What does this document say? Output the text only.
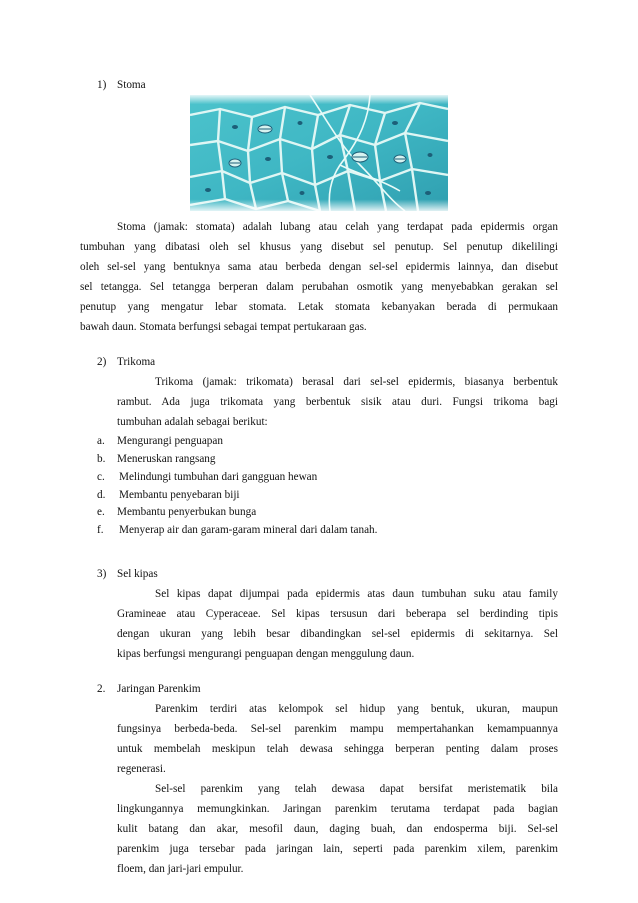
1) Stoma
Stoma (jamak: stomata) adalah lubang atau celah yang terdapat pada epidermis organ
tumbuhan yang dibatasi oleh sel khusus yang disebut sel penutup. Sel penutup dikelilingi
oleh sel-sel yang bentuknya sama atau berbeda dengan sel-sel epidermis lainnya, dan disebut
sel tetangga. Sel tetangga berperan dalam perubahan osmotik yang menyebabkan gerakan sel
penutup yang mengatur lebar stomata. Letak stomata kebanyakan berada di permukaan
bawah daun. Stomata berfungsi sebagai tempat pertukaraan gas.
2) Trikoma
Trikoma (jamak: trikomata) berasal dari sel-sel epidermis, biasanya berbentuk
rambut. Ada juga trikomata yang berbentuk sisik atau duri. Fungsi trikoma bagi
tumbuhan adalah sebagai berikut:
a. Mengurangi penguapan
b. Meneruskan rangsang
c. Melindungi tumbuhan dari gangguan hewan
d. Membantu penyebaran biji
e. Membantu penyerbukan bunga
f. Menyerap air dan garam-garam mineral dari dalam tanah.
3) Sel kipas
Sel kipas dapat dijumpai pada epidermis atas daun tumbuhan suku atau family
Gramineae atau Cyperaceae. Sel kipas tersusun dari beberapa sel berdinding tipis
dengan ukuran yang lebih besar dibandingkan sel-sel epidermis di sekitarnya. Sel
kipas berfungsi mengurangi penguapan dengan menggulung daun.
2. Jaringan Parenkim
Parenkim terdiri atas kelompok sel hidup yang bentuk, ukuran, maupun
fungsinya berbeda-beda. Sel-sel parenkim mampu mempertahankan kemampuannya
untuk membelah meskipun telah dewasa sehingga berperan penting dalam proses
regenerasi.
Sel-sel parenkim yang telah dewasa dapat bersifat meristematik bila
lingkungannya memungkinkan. Jaringan parenkim terutama terdapat pada bagian
kulit batang dan akar, mesofil daun, daging buah, dan endosperma biji. Sel-sel
parenkim juga tersebar pada jaringan lain, seperti pada parenkim xilem, parenkim
floem, dan jari-jari empulur.
